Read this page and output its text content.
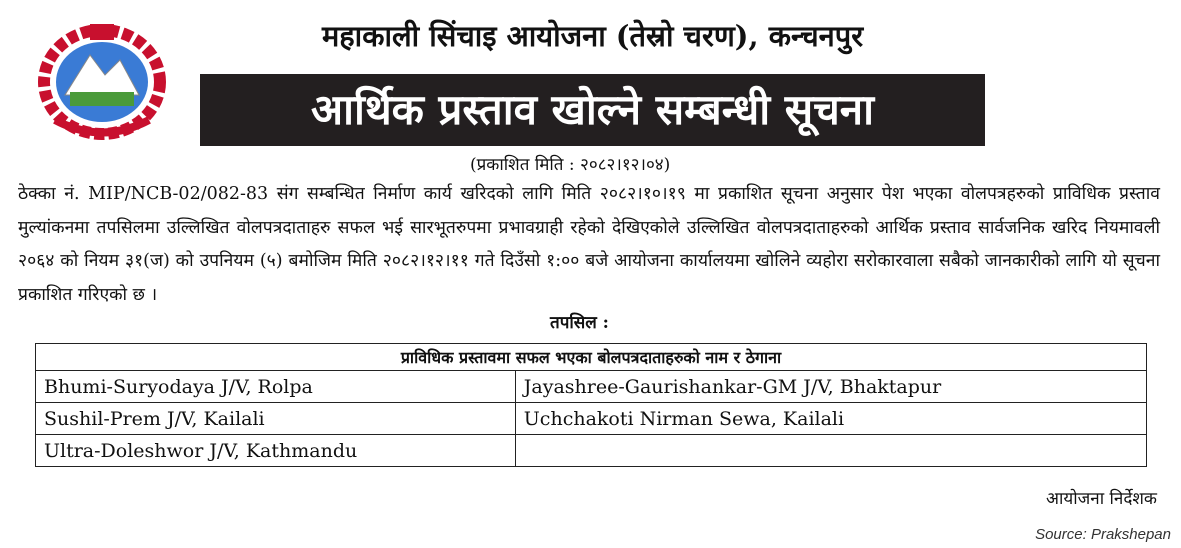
महाकाली सिंचाइ आयोजना (तेस्रो चरण), कन्चनपुर
आर्थिक प्रस्ताव खोल्ने सम्बन्धी सूचना
(प्रकाशित मिति : २०८२।१२।०४)
ठेक्का नं. MIP/NCB-02/082-83 संग सम्बन्धित निर्माण कार्य खरिदको लागि मिति २०८२।१०।१९ मा प्रकाशित सूचना अनुसार पेश भएका वोलपत्रहरुको प्राविधिक प्रस्ताव मुल्यांकनमा तपसिलमा उल्लिखित वोलपत्रदाताहरु सफल भई सारभूतरुपमा प्रभावग्राही रहेको देखिएकोले उल्लिखित वोलपत्रदाताहरुको आर्थिक प्रस्ताव सार्वजनिक खरिद नियमावली २०६४ को नियम ३१(ज) को उपनियम (५) बमोजिम मिति २०८२।१२।११ गते दिउँसो १:०० बजे आयोजना कार्यालयमा खोलिने व्यहोरा सरोकारवाला सबैको जानकारीको लागि यो सूचना प्रकाशित गरिएको छ ।
तपसिल :
प्राविधिक प्रस्तावमा सफल भएका बोलपत्रदाताहरुको नाम र ठेगाना	
Bhumi-Suryodaya J/V, Rolpa	Jayashree-Gaurishankar-GM J/V, Bhaktapur
Sushil-Prem J/V, Kailali	Uchchakoti Nirman Sewa, Kailali
Ultra-Doleshwor J/V, Kathmandu	
आयोजना निर्देशक
Source: Prakshepan
